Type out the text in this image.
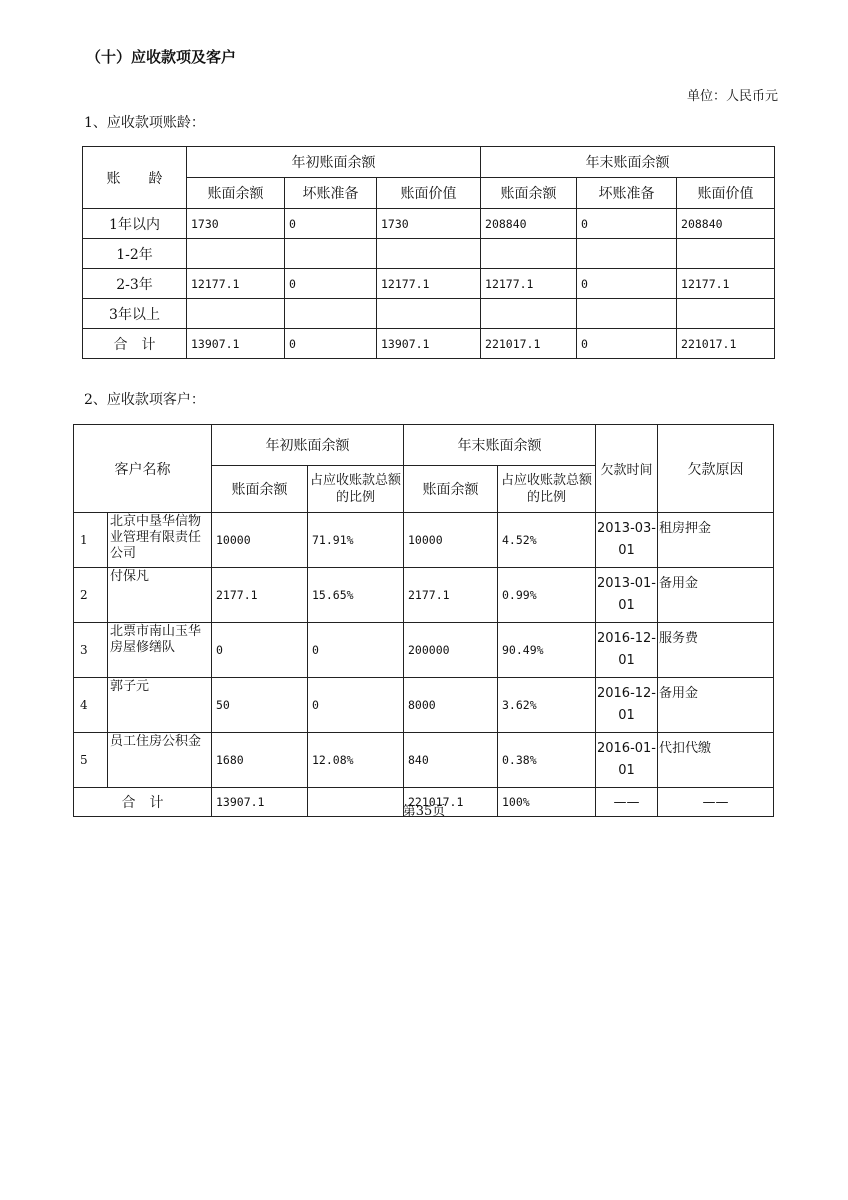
（十）应收款项及客户
单位：人民币元
1、应收款项账龄：
账　　龄	年初账面余额			年末账面余额		
	账面余额	坏账准备	账面价值	账面余额	坏账准备	账面价值
1年以内	1730	0	1730	208840	0	208840
1-2年						
2-3年	12177.1	0	12177.1	12177.1	0	12177.1
3年以上						
合　计	13907.1	0	13907.1	221017.1	0	221017.1
2、应收款项客户：
客户名称		年初账面余额		年末账面余额		欠款时间	欠款原因
		账面余额	占应收账款总额的比例	账面余额	占应收账款总额的比例		
1	北京中垦华信物业管理有限责任公司	10000	71.91%	10000	4.52%	2013-03-01	租房押金
2	付保凡	2177.1	15.65%	2177.1	0.99%	2013-01-01	备用金
3	北票市南山玉华房屋修缮队	0	0	200000	90.49%	2016-12-01	服务费
4	郭子元	50	0	8000	3.62%	2016-12-01	备用金
5	员工住房公积金	1680	12.08%	840	0.38%	2016-01-01	代扣代缴
合　计		13907.1		221017.1	100%	——	——
第35页
